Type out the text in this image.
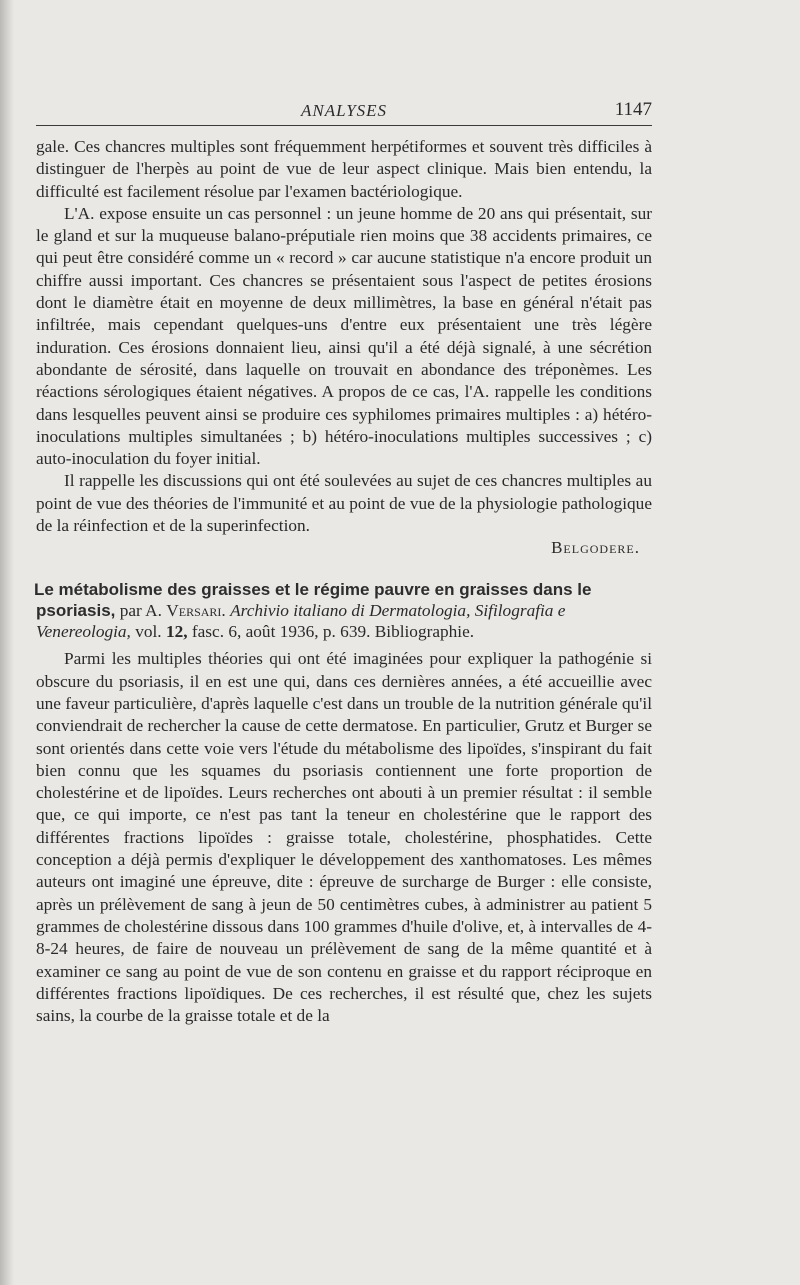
ANALYSES	1147

gale. Ces chancres multiples sont fréquemment herpétiformes et souvent très difficiles à distinguer de l'herpès au point de vue de leur aspect clinique. Mais bien entendu, la difficulté est facilement résolue par l'examen bactériologique.

L'A. expose ensuite un cas personnel : un jeune homme de 20 ans qui présentait, sur le gland et sur la muqueuse balano-préputiale rien moins que 38 accidents primaires, ce qui peut être considéré comme un « record » car aucune statistique n'a encore produit un chiffre aussi important. Ces chancres se présentaient sous l'aspect de petites érosions dont le diamètre était en moyenne de deux millimètres, la base en général n'était pas infiltrée, mais cependant quelques-uns d'entre eux présentaient une très légère induration. Ces érosions donnaient lieu, ainsi qu'il a été déjà signalé, à une sécrétion abondante de sérosité, dans laquelle on trouvait en abondance des tréponèmes. Les réactions sérologiques étaient négatives. A propos de ce cas, l'A. rappelle les conditions dans lesquelles peuvent ainsi se produire ces syphilomes primaires multiples : a) hétéro-inoculations multiples simultanées ; b) hétéro-inoculations multiples successives ; c) auto-inoculation du foyer initial.

Il rappelle les discussions qui ont été soulevées au sujet de ces chancres multiples au point de vue des théories de l'immunité et au point de vue de la physiologie pathologique de la réinfection et de la superinfection.

Belgodere.

Le métabolisme des graisses et le régime pauvre en graisses dans le psoriasis, par A. Versari. Archivio italiano di Dermatologia, Sifilografia e Venereologia, vol. 12, fasc. 6, août 1936, p. 639. Bibliographie.

Parmi les multiples théories qui ont été imaginées pour expliquer la pathogénie si obscure du psoriasis, il en est une qui, dans ces dernières années, a été accueillie avec une faveur particulière, d'après laquelle c'est dans un trouble de la nutrition générale qu'il conviendrait de rechercher la cause de cette dermatose. En particulier, Grutz et Burger se sont orientés dans cette voie vers l'étude du métabolisme des lipoïdes, s'inspirant du fait bien connu que les squames du psoriasis contiennent une forte proportion de cholestérine et de lipoïdes. Leurs recherches ont abouti à un premier résultat : il semble que, ce qui importe, ce n'est pas tant la teneur en cholestérine que le rapport des différentes fractions lipoïdes : graisse totale, cholestérine, phosphatides. Cette conception a déjà permis d'expliquer le développement des xanthomatoses. Les mêmes auteurs ont imaginé une épreuve, dite : épreuve de surcharge de Burger : elle consiste, après un prélèvement de sang à jeun de 50 centimètres cubes, à administrer au patient 5 grammes de cholestérine dissous dans 100 grammes d'huile d'olive, et, à intervalles de 4-8-24 heures, de faire de nouveau un prélèvement de sang de la même quantité et à examiner ce sang au point de vue de son contenu en graisse et du rapport réciproque en différentes fractions lipoïdiques. De ces recherches, il est résulté que, chez les sujets sains, la courbe de la graisse totale et de la
